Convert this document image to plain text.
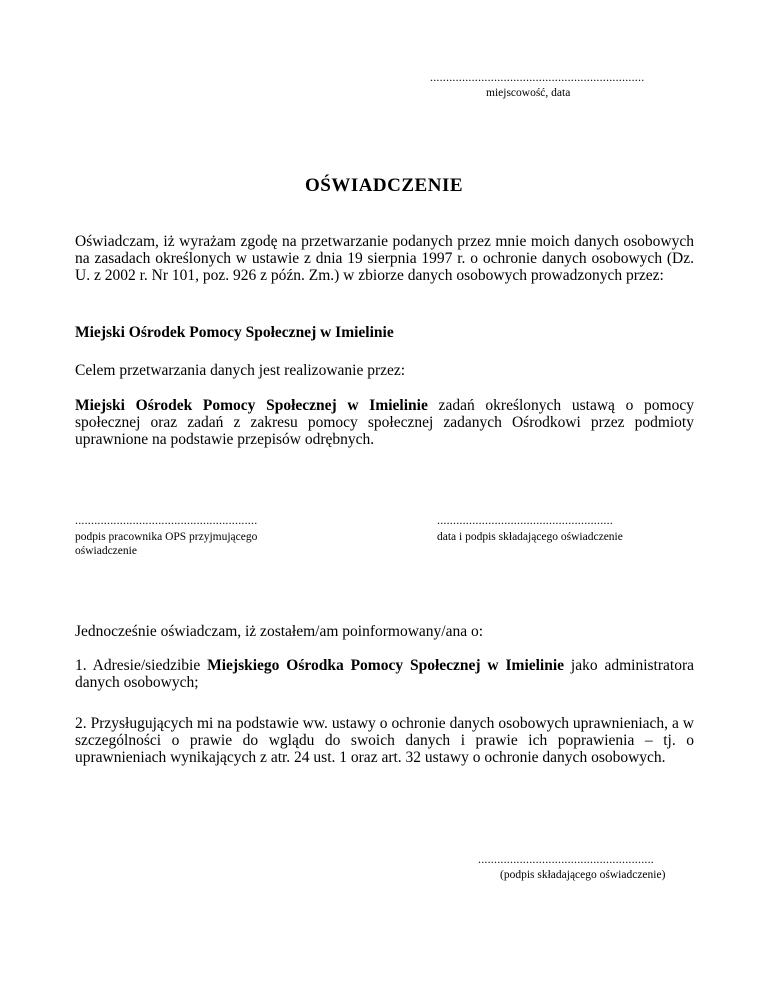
...................................................................
miejscowość, data
OŚWIADCZENIE

Oświadczam, iż wyrażam zgodę na przetwarzanie podanych przez mnie moich danych osobowych na zasadach określonych w ustawie z dnia 19 sierpnia 1997 r. o ochronie danych osobowych (Dz. U. z 2002 r. Nr 101, poz. 926 z późn. Zm.) w zbiorze danych osobowych prowadzonych przez:

Miejski Ośrodek Pomocy Społecznej w Imielinie

Celem przetwarzania danych jest realizowanie przez:

Miejski Ośrodek Pomocy Społecznej w Imielinie zadań określonych ustawą o pomocy społecznej oraz zadań z zakresu pomocy społecznej zadanych Ośrodkowi przez podmioty uprawnione na podstawie przepisów odrębnych.

.........................................................
podpis pracownika OPS przyjmującego oświadczenie
.......................................................
data i podpis składającego oświadczenie

Jednocześnie oświadczam, iż zostałem/am poinformowany/ana o:

1. Adresie/siedzibie Miejskiego Ośrodka Pomocy Społecznej w Imielinie jako administratora danych osobowych;

2. Przysługujących mi na podstawie ww. ustawy o ochronie danych osobowych uprawnieniach, a w szczególności o prawie do wglądu do swoich danych i prawie ich poprawienia – tj. o uprawnieniach wynikających z atr. 24 ust. 1 oraz art. 32 ustawy o ochronie danych osobowych.

.......................................................
(podpis składającego oświadczenie)
